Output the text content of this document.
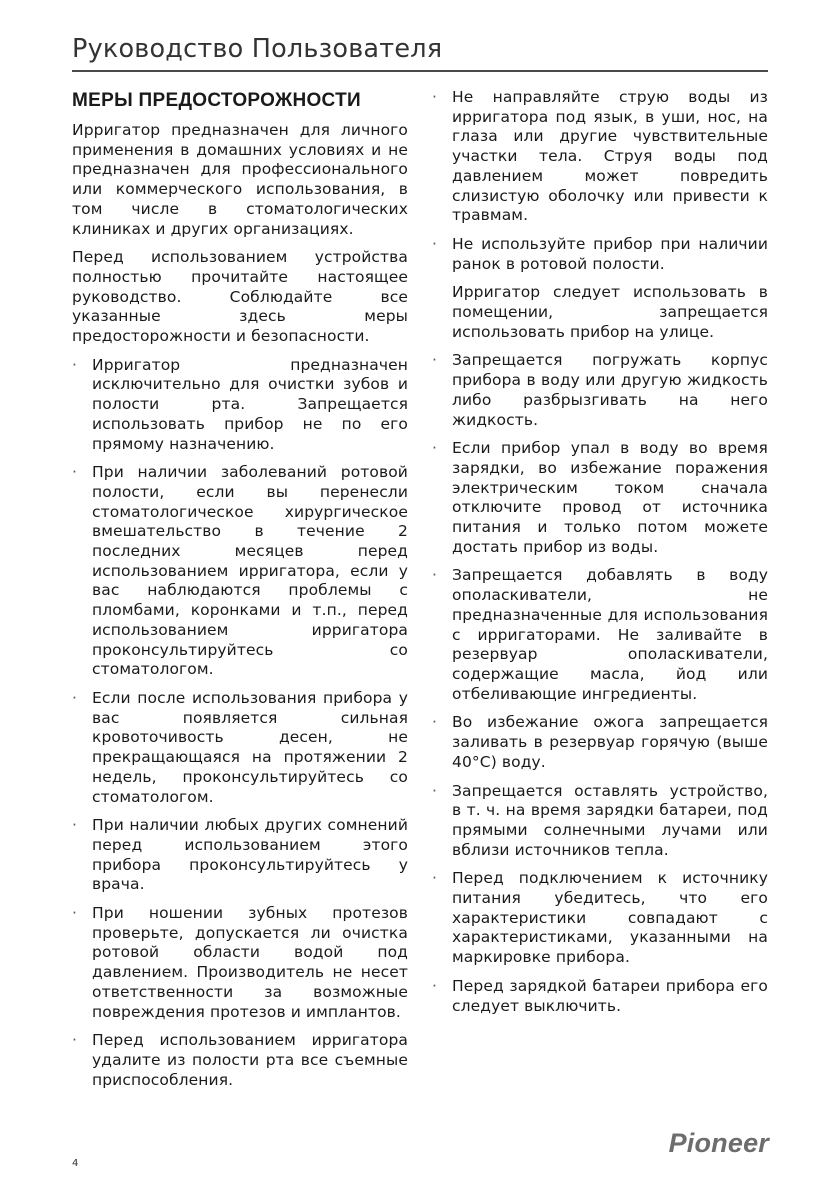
Руководство Пользователя
МЕРЫ ПРЕДОСТОРОЖНОСТИ

Ирригатор предназначен для личного применения в домашних условиях и не предназначен для профессионального или коммерческого использования, в том числе в стоматологических клиниках и других организациях.

Перед использованием устройства полностью прочитайте настоящее руководство. Соблюдайте все указанные здесь меры предосторожности и безопасности.

· Ирригатор предназначен исключительно для очистки зубов и полости рта. Запрещается использовать прибор не по его прямому назначению.
· При наличии заболеваний ротовой полости, если вы перенесли стоматологическое хирургическое вмешательство в течение 2 последних месяцев перед использованием ирригатора, если у вас наблюдаются проблемы с пломбами, коронками и т.п., перед использованием ирригатора проконсультируйтесь со стоматологом.
· Если после использования прибора у вас появляется сильная кровоточивость десен, не прекращающаяся на протяжении 2 недель, проконсультируйтесь со стоматологом.
· При наличии любых других сомнений перед использованием этого прибора проконсультируйтесь у врача.
· При ношении зубных протезов проверьте, допускается ли очистка ротовой области водой под давлением. Производитель не несет ответственности за возможные повреждения протезов и имплантов.
· Перед использованием ирригатора удалите из полости рта все съемные приспособления.
· Не направляйте струю воды из ирригатора под язык, в уши, нос, на глаза или другие чувствительные участки тела. Струя воды под давлением может повредить слизистую оболочку или привести к травмам.
· Не используйте прибор при наличии ранок в ротовой полости.
Ирригатор следует использовать в помещении, запрещается использовать прибор на улице.
· Запрещается погружать корпус прибора в воду или другую жидкость либо разбрызгивать на него жидкость.
· Если прибор упал в воду во время зарядки, во избежание поражения электрическим током сначала отключите провод от источника питания и только потом можете достать прибор из воды.
· Запрещается добавлять в воду ополаскиватели, не предназначенные для использования с ирригаторами. Не заливайте в резервуар ополаскиватели, содержащие масла, йод или отбеливающие ингредиенты.
· Во избежание ожога запрещается заливать в резервуар горячую (выше 40°C) воду.
· Запрещается оставлять устройство, в т. ч. на время зарядки батареи, под прямыми солнечными лучами или вблизи источников тепла.
· Перед подключением к источнику питания убедитесь, что его характеристики совпадают с характеристиками, указанными на маркировке прибора.
· Перед зарядкой батареи прибора его следует выключить.
4
Pioneer
